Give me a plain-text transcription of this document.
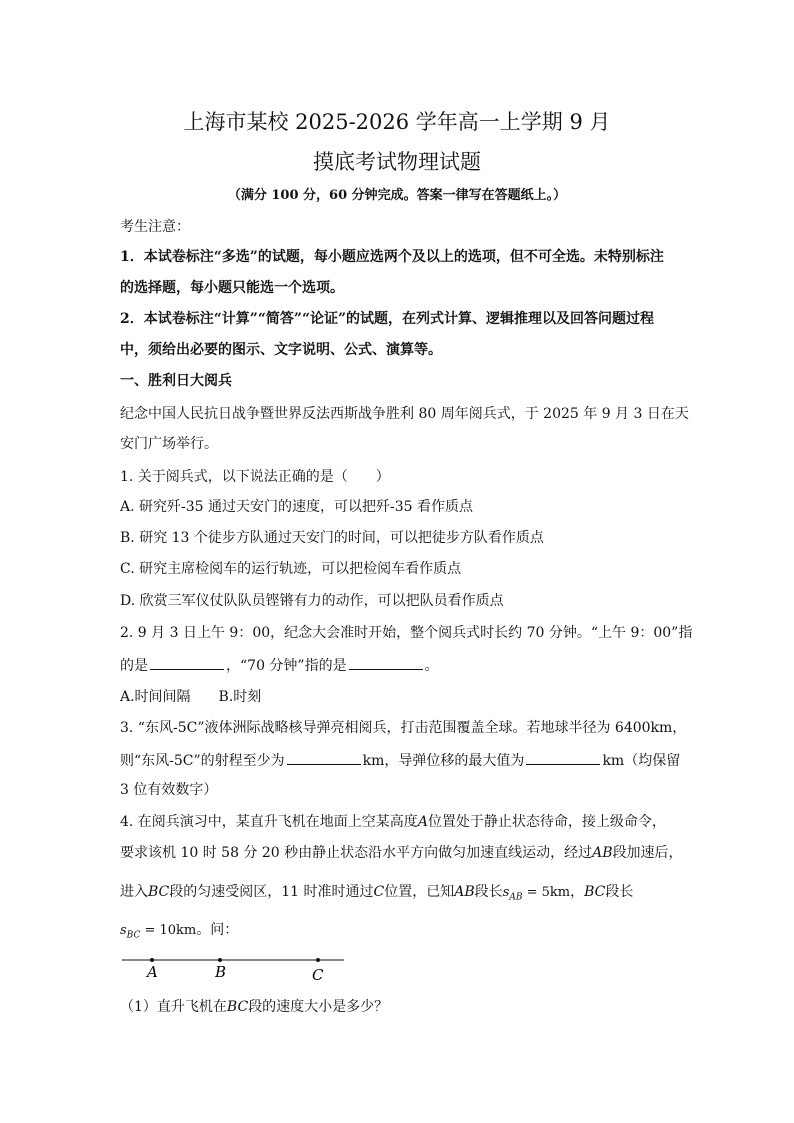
上海市某校 2025-2026 学年高一上学期 9 月
摸底考试物理试题
（满分 100 分，60 分钟完成。答案一律写在答题纸上。）
考生注意：
1．本试卷标注“多选”的试题，每小题应选两个及以上的选项，但不可全选。未特别标注
的选择题，每小题只能选一个选项。
2．本试卷标注“计算”“简答”“论证”的试题，在列式计算、逻辑推理以及回答问题过程
中，须给出必要的图示、文字说明、公式、演算等。
一、胜利日大阅兵
纪念中国人民抗日战争暨世界反法西斯战争胜利 80 周年阅兵式，于 2025 年 9 月 3 日在天
安门广场举行。
1. 关于阅兵式，以下说法正确的是（　　）
A. 研究歼-35 通过天安门的速度，可以把歼-35 看作质点
B. 研究 13 个徒步方队通过天安门的时间，可以把徒步方队看作质点
C. 研究主席检阅车的运行轨迹，可以把检阅车看作质点
D. 欣赏三军仪仗队队员铿锵有力的动作，可以把队员看作质点
2. 9 月 3 日上午 9：00，纪念大会准时开始，整个阅兵式时长约 70 分钟。“上午 9：00”指
的是	，“70 分钟”指的是	。
A.时间间隔　　B.时刻
3. “东风-5C”液体洲际战略核导弹亮相阅兵，打击范围覆盖全球。若地球半径为 6400km，
则“东风-5C”的射程至少为	km，导弹位移的最大值为	km（均保留
3 位有效数字）
4. 在阅兵演习中，某直升飞机在地面上空某高度A位置处于静止状态待命，接上级命令，
要求该机 10 时 58 分 20 秒由静止状态沿水平方向做匀加速直线运动，经过AB段加速后，
进入BC段的匀速受阅区，11 时准时通过C位置，已知AB段长$s_{AB} = 5km$，BC段长
$s_{BC} = 10km$。问：
A	B	C
（1）直升飞机在BC段的速度大小是多少？
